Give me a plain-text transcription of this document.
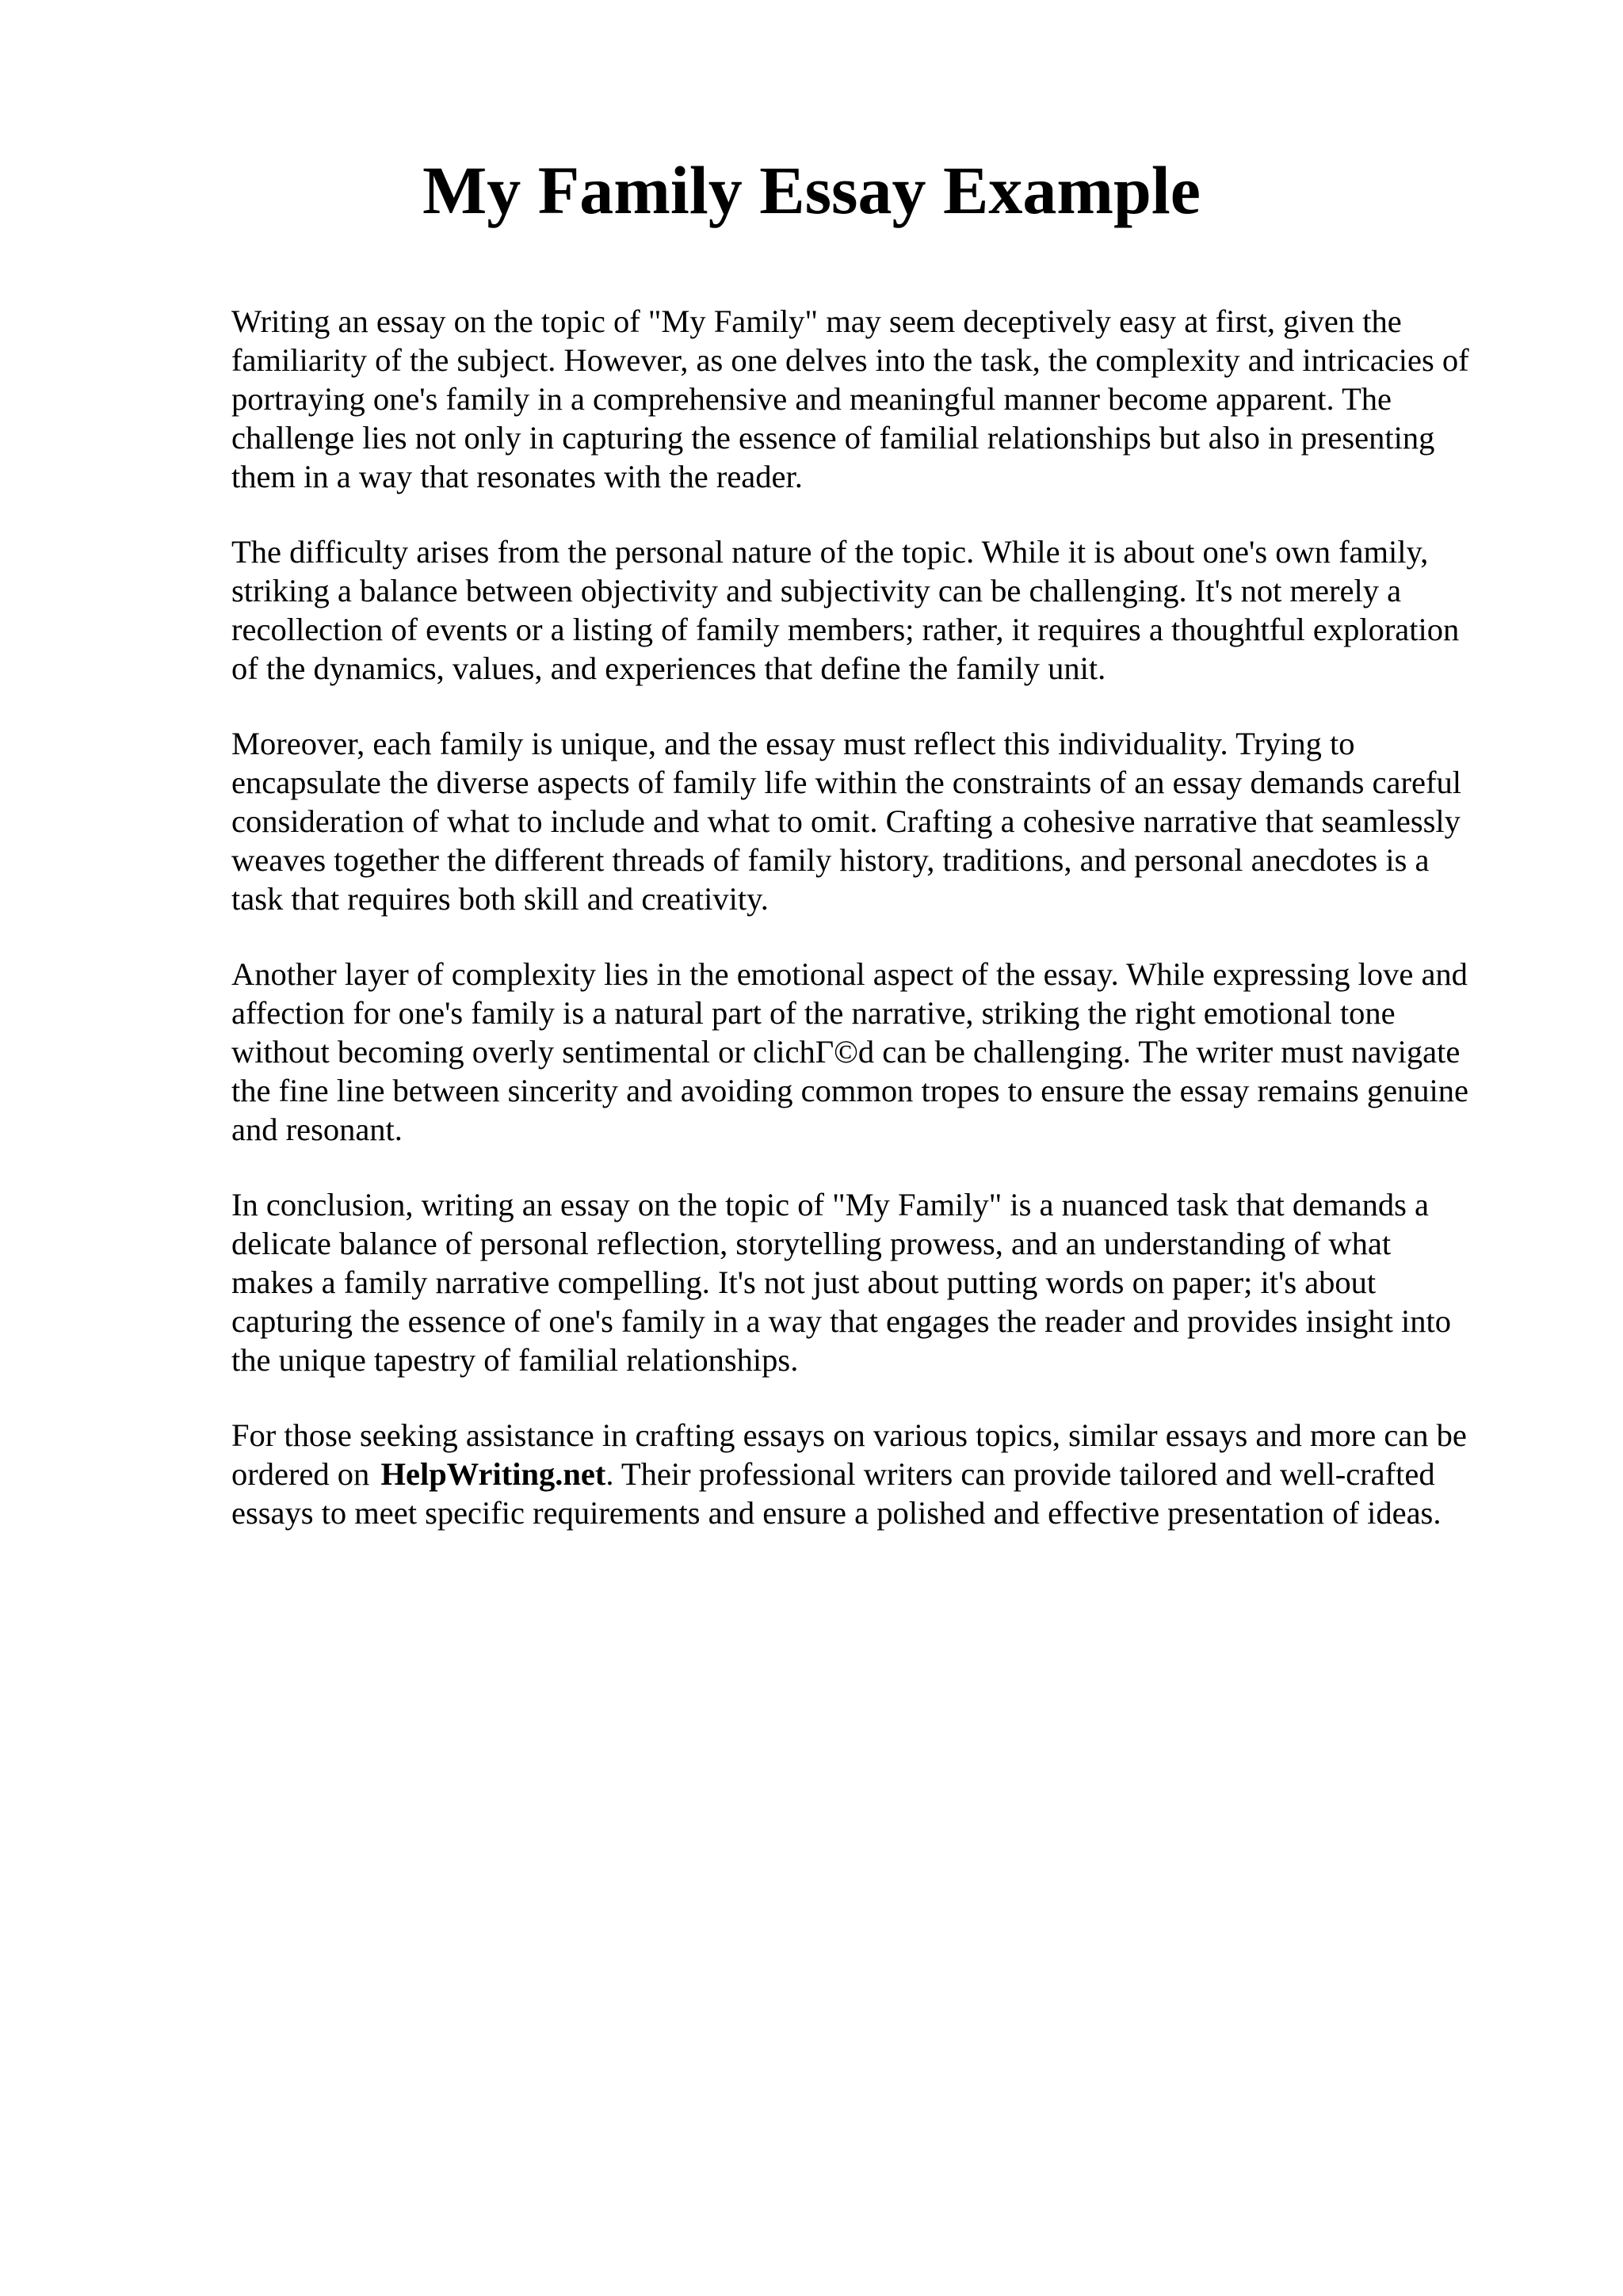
My Family Essay Example

Writing an essay on the topic of "My Family" may seem deceptively easy at first, given the
familiarity of the subject. However, as one delves into the task, the complexity and intricacies of
portraying one's family in a comprehensive and meaningful manner become apparent. The
challenge lies not only in capturing the essence of familial relationships but also in presenting
them in a way that resonates with the reader.

The difficulty arises from the personal nature of the topic. While it is about one's own family,
striking a balance between objectivity and subjectivity can be challenging. It's not merely a
recollection of events or a listing of family members; rather, it requires a thoughtful exploration
of the dynamics, values, and experiences that define the family unit.

Moreover, each family is unique, and the essay must reflect this individuality. Trying to
encapsulate the diverse aspects of family life within the constraints of an essay demands careful
consideration of what to include and what to omit. Crafting a cohesive narrative that seamlessly
weaves together the different threads of family history, traditions, and personal anecdotes is a
task that requires both skill and creativity.

Another layer of complexity lies in the emotional aspect of the essay. While expressing love and
affection for one's family is a natural part of the narrative, striking the right emotional tone
without becoming overly sentimental or clichΓ©d can be challenging. The writer must navigate
the fine line between sincerity and avoiding common tropes to ensure the essay remains genuine
and resonant.

In conclusion, writing an essay on the topic of "My Family" is a nuanced task that demands a
delicate balance of personal reflection, storytelling prowess, and an understanding of what
makes a family narrative compelling. It's not just about putting words on paper; it's about
capturing the essence of one's family in a way that engages the reader and provides insight into
the unique tapestry of familial relationships.

For those seeking assistance in crafting essays on various topics, similar essays and more can be
ordered on HelpWriting.net. Their professional writers can provide tailored and well-crafted
essays to meet specific requirements and ensure a polished and effective presentation of ideas.
